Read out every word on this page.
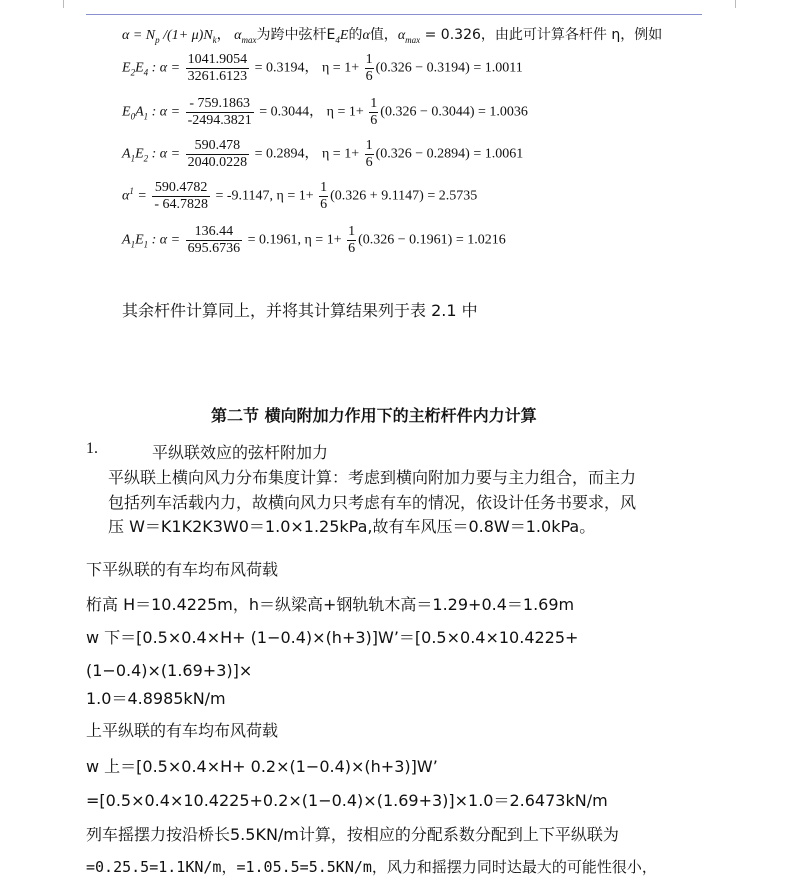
$\alpha = N_p$ $/(1+ \mu)N_k$， $\alpha_{max}$为跨中弦杆$E_4E$的α值，$\alpha_{max} = 0.326$，由此可计算各杆件 η，例如
$E_2E_4$ : $\alpha = \frac{1041.9054}{3261.6123} = 0.3194$， $\eta = 1+ \frac{1}{6} (0.326 - 0.3194) = 1.0011$
$E_0A_1$ : $\alpha = \frac{- 759.1863}{-2494.3821} = 0.3044$， $\eta = 1+ \frac{1}{6} (0.326 - 0.3044) = 1.0036$
$A_1E_2$ : $\alpha = \frac{590.478}{2040.0228} = 0.2894$， $\eta = 1+ \frac{1}{6} (0.326 - 0.2894) = 1.0061$
$\alpha^1 = \frac{590.4782}{- 64.7828} = -9.1147$, $\eta = 1+ \frac{1}{6} (0.326 + 9.1147) = 2.5735$
$A_1E_1$ : $\alpha = \frac{136.44}{695.6736} = 0.1961$, $\eta = 1+ \frac{1}{6} (0.326 - 0.1961) = 1.0216$
其余杆件计算同上，并将其计算结果列于表 2.1 中
第二节 横向附加力作用下的主桁杆件内力计算
1.	平纵联效应的弦杆附加力
平纵联上横向风力分布集度计算：考虑到横向附加力要与主力组合，而主力
包括列车活载内力，故横向风力只考虑有车的情况，依设计任务书要求，风
压 W＝K1K2K3W0＝1.0×1.25kPa,故有车风压＝0.8W＝1.0kPa。
下平纵联的有车均布风荷载
桁高 H＝10.4225m，h＝纵梁高+钢轨轨木高＝1.29+0.4＝1.69m
w 下＝[0.5×0.4×H+ (1−0.4)×(h+3)]W’＝[0.5×0.4×10.4225+
(1−0.4)×(1.69+3)]×
1.0＝4.8985kN/m
上平纵联的有车均布风荷载
w 上＝[0.5×0.4×H+ 0.2×(1−0.4)×(h+3)]W’
=[0.5×0.4×10.4225+0.2×(1−0.4)×(1.69+3)]×1.0＝2.6473kN/m
列车摇摆力按沿桥长5.5KN/m计算，按相应的分配系数分配到上下平纵联为
=0.25.5=1.1KN/m，=1.05.5=5.5KN/m，风力和摇摆力同时达最大的可能性很小，
